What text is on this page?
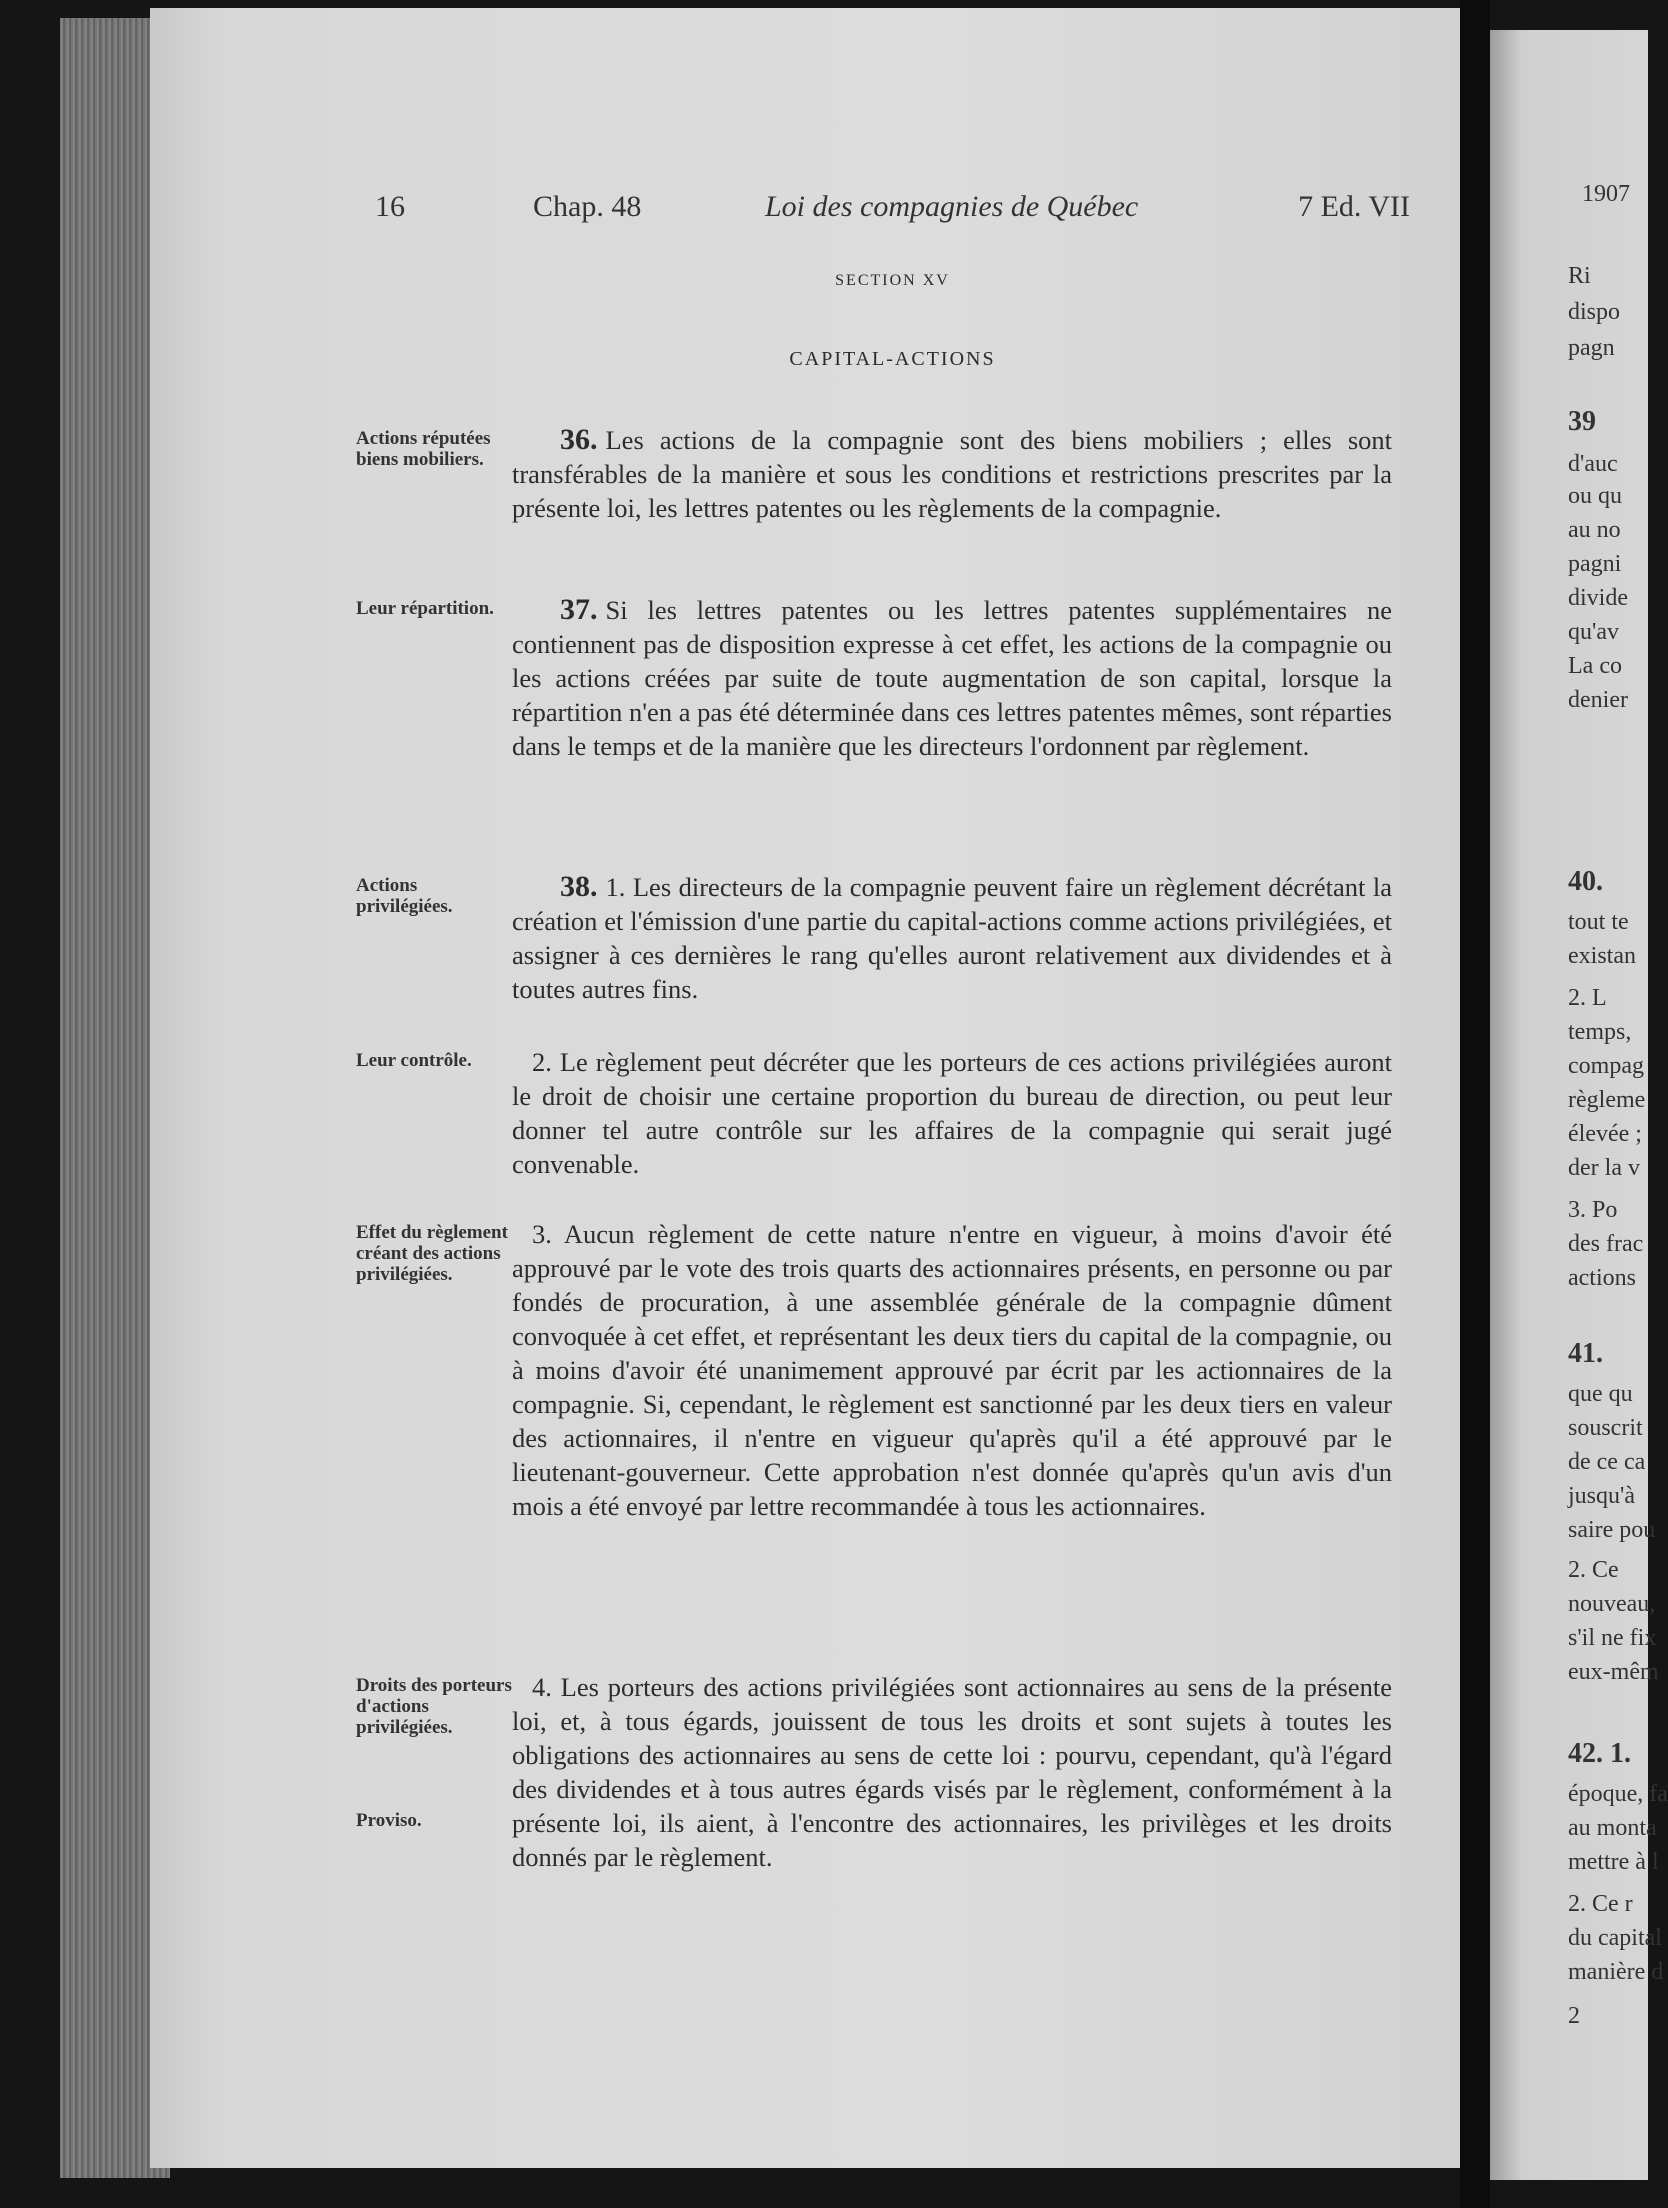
16	Chap. 48	Loi des compagnies de Québec	7 Ed. VII
SECTION XV
CAPITAL-ACTIONS
Actions réputées biens mobiliers.
Leur répartition.
Actions privilégiées.
Leur contrôle.
Effet du règlement créant des actions privilégiées.
Droits des porteurs d'actions privilégiées.
Proviso.
36. Les actions de la compagnie sont des biens mobiliers ; elles sont transférables de la manière et sous les conditions et restrictions prescrites par la présente loi, les lettres patentes ou les règlements de la compagnie.
37. Si les lettres patentes ou les lettres patentes supplémentaires ne contiennent pas de disposition expresse à cet effet, les actions de la compagnie ou les actions créées par suite de toute augmentation de son capital, lorsque la répartition n'en a pas été déterminée dans ces lettres patentes mêmes, sont réparties dans le temps et de la manière que les directeurs l'ordonnent par règlement.
38. 1. Les directeurs de la compagnie peuvent faire un règlement décrétant la création et l'émission d'une partie du capital-actions comme actions privilégiées, et assigner à ces dernières le rang qu'elles auront relativement aux dividendes et à toutes autres fins.
2. Le règlement peut décréter que les porteurs de ces actions privilégiées auront le droit de choisir une certaine proportion du bureau de direction, ou peut leur donner tel autre contrôle sur les affaires de la compagnie qui serait jugé convenable.
3. Aucun règlement de cette nature n'entre en vigueur, à moins d'avoir été approuvé par le vote des trois quarts des actionnaires présents, en personne ou par fondés de procuration, à une assemblée générale de la compagnie dûment convoquée à cet effet, et représentant les deux tiers du capital de la compagnie, ou à moins d'avoir été unanimement approuvé par écrit par les actionnaires de la compagnie. Si, cependant, le règlement est sanctionné par les deux tiers en valeur des actionnaires, il n'entre en vigueur qu'après qu'il a été approuvé par le lieutenant-gouverneur. Cette approbation n'est donnée qu'après qu'un avis d'un mois a été envoyé par lettre recommandée à tous les actionnaires.
4. Les porteurs des actions privilégiées sont actionnaires au sens de la présente loi, et, à tous égards, jouissent de tous les droits et sont sujets à toutes les obligations des actionnaires au sens de cette loi : pourvu, cependant, qu'à l'égard des dividendes et à tous autres égards visés par le règlement, conformément à la présente loi, ils aient, à l'encontre des actionnaires, les privilèges et les droits donnés par le règlement.
1907
Ri
dispo
pagn
39
d'auc
ou qu
au no
pagni
divide
qu'av
La co
denier
40.
tout te
existan
2. L
temps,
compag
règleme
élevée ;
der la v
3. Po
des frac
actions
41.
que qu
souscrit
de ce ca
jusqu'à
saire pou
2. Ce
nouveau,
s'il ne fix
eux-mêm
42. 1.
époque, fa
au monta
mettre à l
2. Ce r
du capital
manière d
2
